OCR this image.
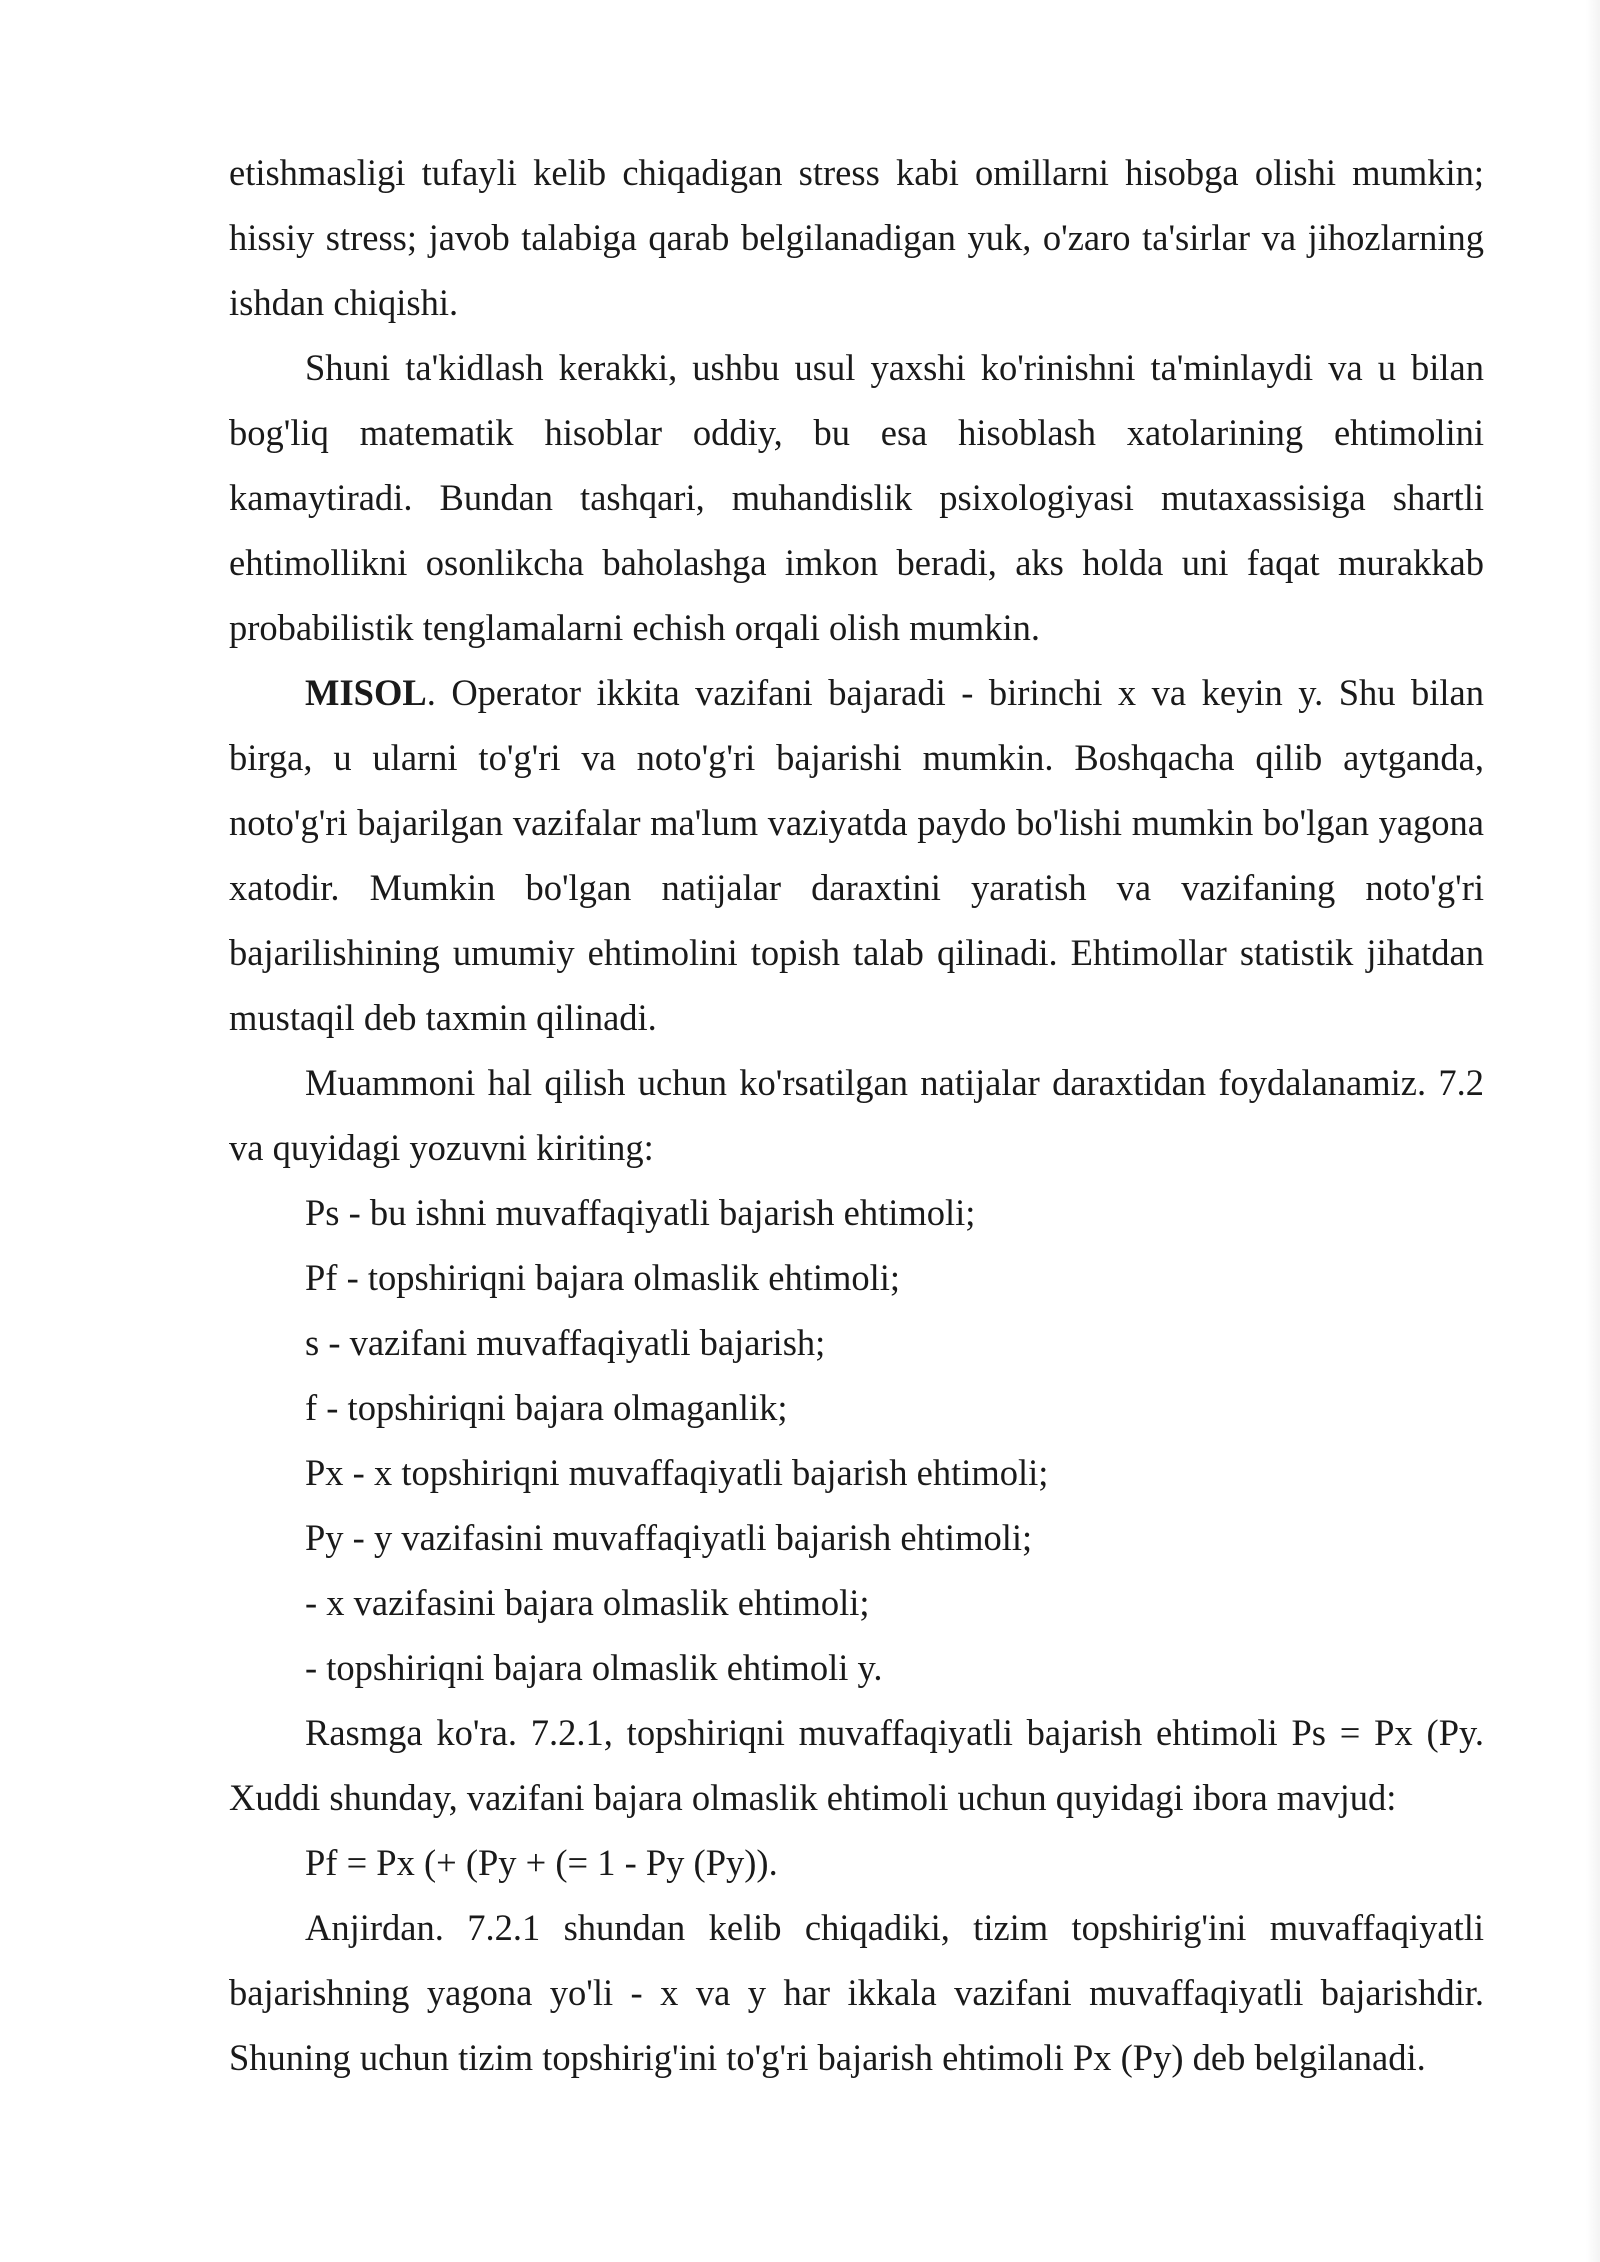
etishmasligi tufayli kelib chiqadigan stress kabi omillarni hisobga olishi mumkin; hissiy stress; javob talabiga qarab belgilanadigan yuk, o'zaro ta'sirlar va jihozlarning ishdan chiqishi.

Shuni ta'kidlash kerakki, ushbu usul yaxshi ko'rinishni ta'minlaydi va u bilan bog'liq matematik hisoblar oddiy, bu esa hisoblash xatolarining ehtimolini kamaytiradi. Bundan tashqari, muhandislik psixologiyasi mutaxassisiga shartli ehtimollikni osonlikcha baholashga imkon beradi, aks holda uni faqat murakkab probabilistik tenglamalarni echish orqali olish mumkin.

MISOL. Operator ikkita vazifani bajaradi - birinchi x va keyin y. Shu bilan birga, u ularni to'g'ri va noto'g'ri bajarishi mumkin. Boshqacha qilib aytganda, noto'g'ri bajarilgan vazifalar ma'lum vaziyatda paydo bo'lishi mumkin bo'lgan yagona xatodir. Mumkin bo'lgan natijalar daraxtini yaratish va vazifaning noto'g'ri bajarilishining umumiy ehtimolini topish talab qilinadi. Ehtimollar statistik jihatdan mustaqil deb taxmin qilinadi.

Muammoni hal qilish uchun ko'rsatilgan natijalar daraxtidan foydalanamiz. 7.2 va quyidagi yozuvni kiriting:

Ps - bu ishni muvaffaqiyatli bajarish ehtimoli;

Pf - topshiriqni bajara olmaslik ehtimoli;

s - vazifani muvaffaqiyatli bajarish;

f - topshiriqni bajara olmaganlik;

Px - x topshiriqni muvaffaqiyatli bajarish ehtimoli;

Py - y vazifasini muvaffaqiyatli bajarish ehtimoli;

- x vazifasini bajara olmaslik ehtimoli;

- topshiriqni bajara olmaslik ehtimoli y.

Rasmga ko'ra. 7.2.1, topshiriqni muvaffaqiyatli bajarish ehtimoli Ps = Px (Py. Xuddi shunday, vazifani bajara olmaslik ehtimoli uchun quyidagi ibora mavjud:

Pf = Px (+ (Py + (= 1 - Py (Py)).

Anjirdan. 7.2.1 shundan kelib chiqadiki, tizim topshirig'ini muvaffaqiyatli bajarishning yagona yo'li - x va y har ikkala vazifani muvaffaqiyatli bajarishdir. Shuning uchun tizim topshirig'ini to'g'ri bajarish ehtimoli Px (Py) deb belgilanadi.
